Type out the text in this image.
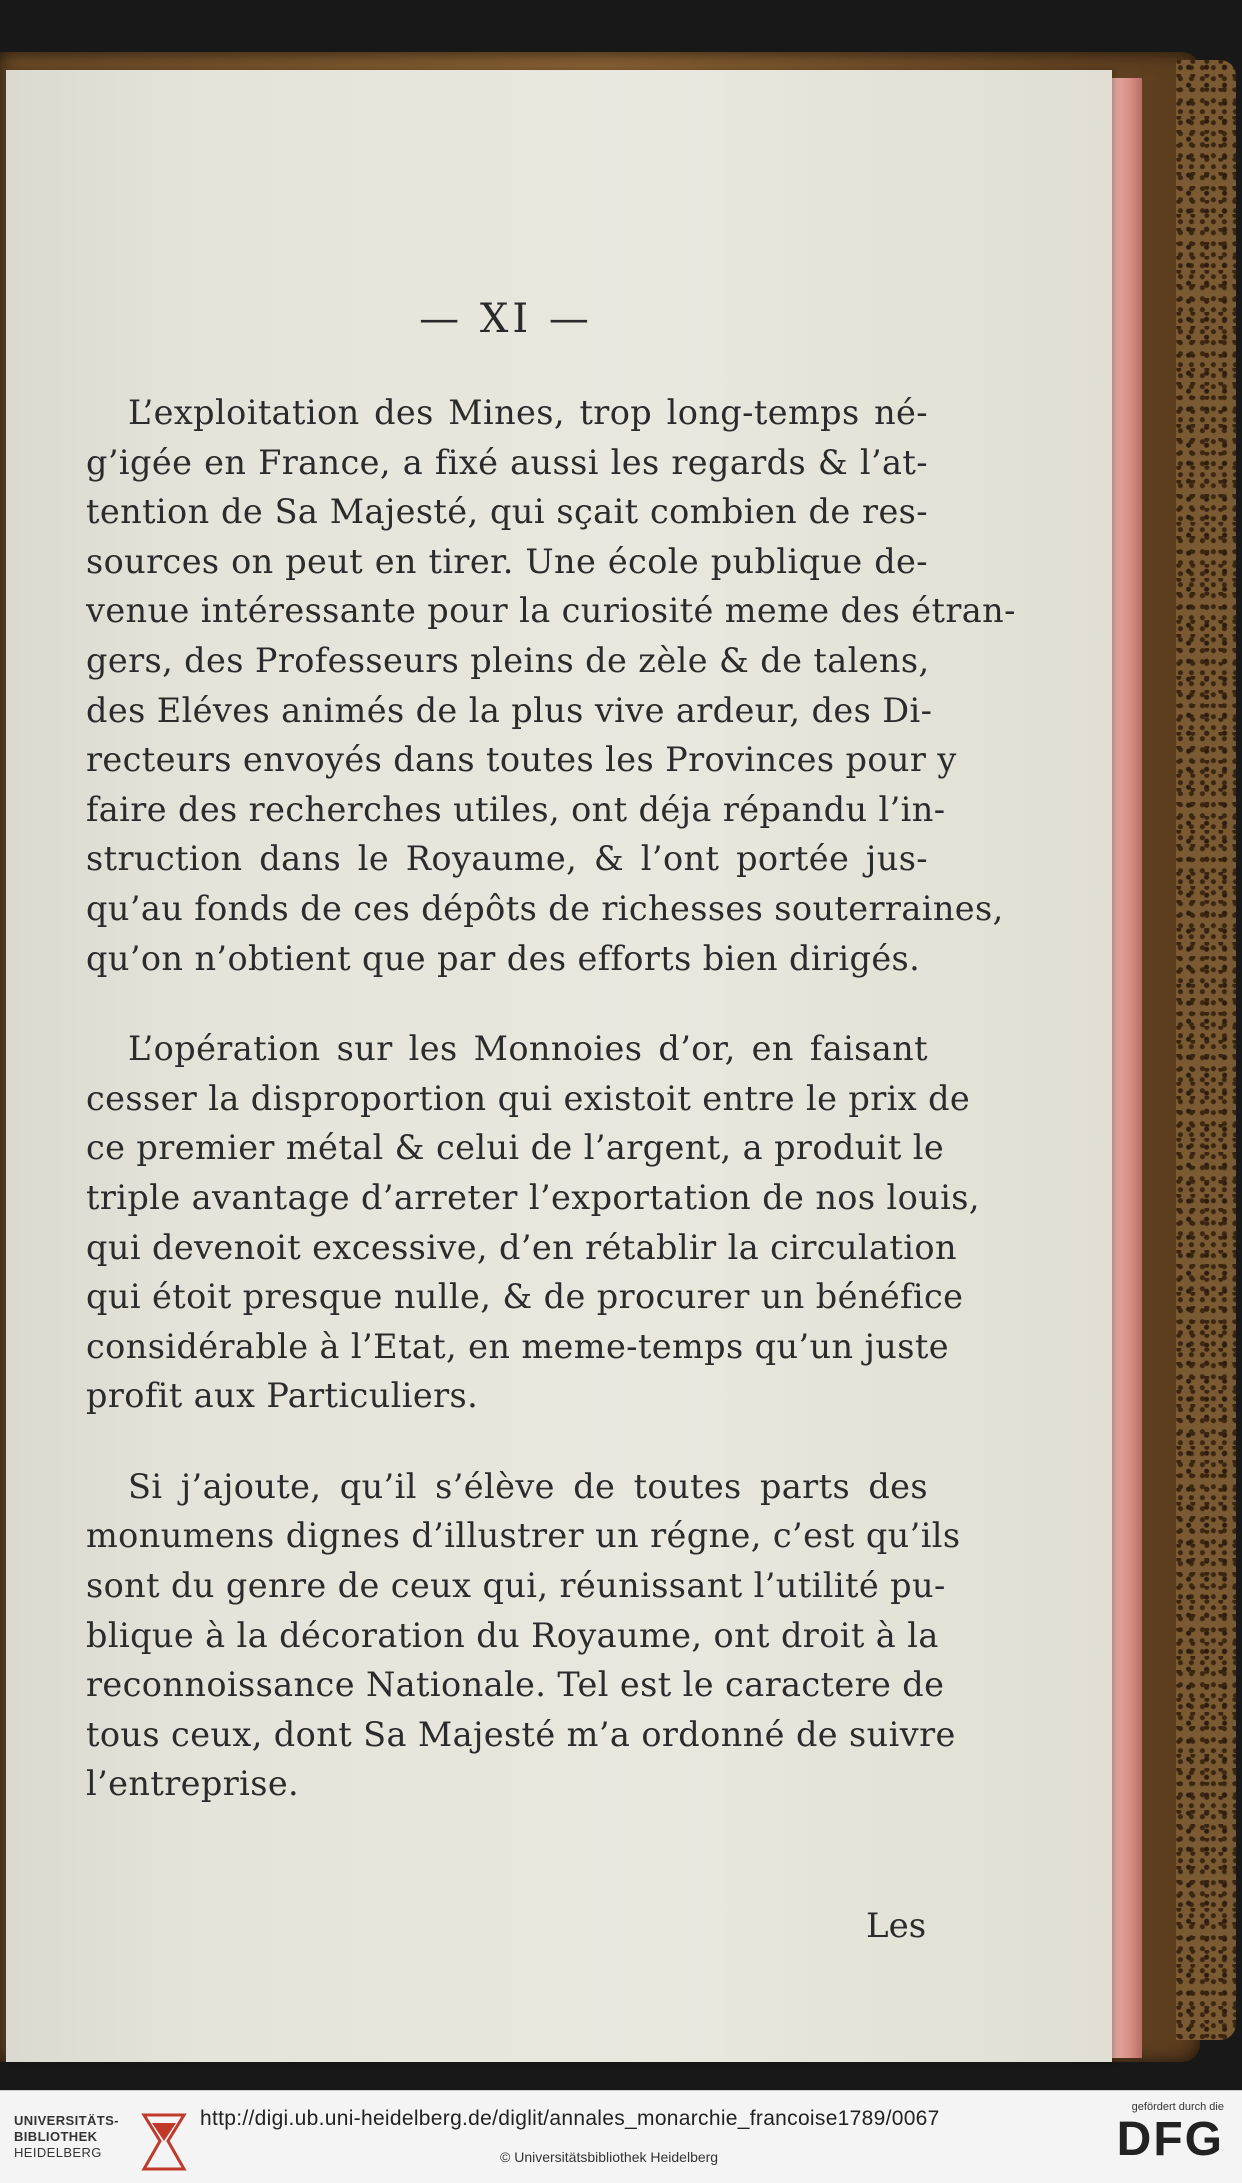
— XI —
L’exploitation des Mines, trop long-temps né-
g’igée en France, a fixé aussi les regards & l’at-
tention de Sa Majesté, qui sçait combien de res-
sources on peut en tirer. Une école publique de-
venue intéressante pour la curiosité meme des étran-
gers, des Professeurs pleins de zèle & de talens,
des Eléves animés de la plus vive ardeur, des Di-
recteurs envoyés dans toutes les Provinces pour y
faire des recherches utiles, ont déja répandu l’in-
struction dans le Royaume, & l’ont portée jus-
qu’au fonds de ces dépôts de richesses souterraines,
qu’on n’obtient que par des efforts bien dirigés.
L’opération sur les Monnoies d’or, en faisant
cesser la disproportion qui existoit entre le prix de
ce premier métal & celui de l’argent, a produit le
triple avantage d’arreter l’exportation de nos louis,
qui devenoit excessive, d’en rétablir la circulation
qui étoit presque nulle, & de procurer un bénéfice
considérable à l’Etat, en meme-temps qu’un juste
profit aux Particuliers.
Si j’ajoute, qu’il s’élève de toutes parts des
monumens dignes d’illustrer un régne, c’est qu’ils
sont du genre de ceux qui, réunissant l’utilité pu-
blique à la décoration du Royaume, ont droit à la
reconnoissance Nationale. Tel est le caractere de
tous ceux, dont Sa Majesté m’a ordonné de suivre
l’entreprise.
Les
UNIVERSITÄTS-
BIBLIOTHEK
HEIDELBERG
http://digi.ub.uni-heidelberg.de/diglit/annales_monarchie_francoise1789/0067
© Universitätsbibliothek Heidelberg
gefördert durch die
DFG
